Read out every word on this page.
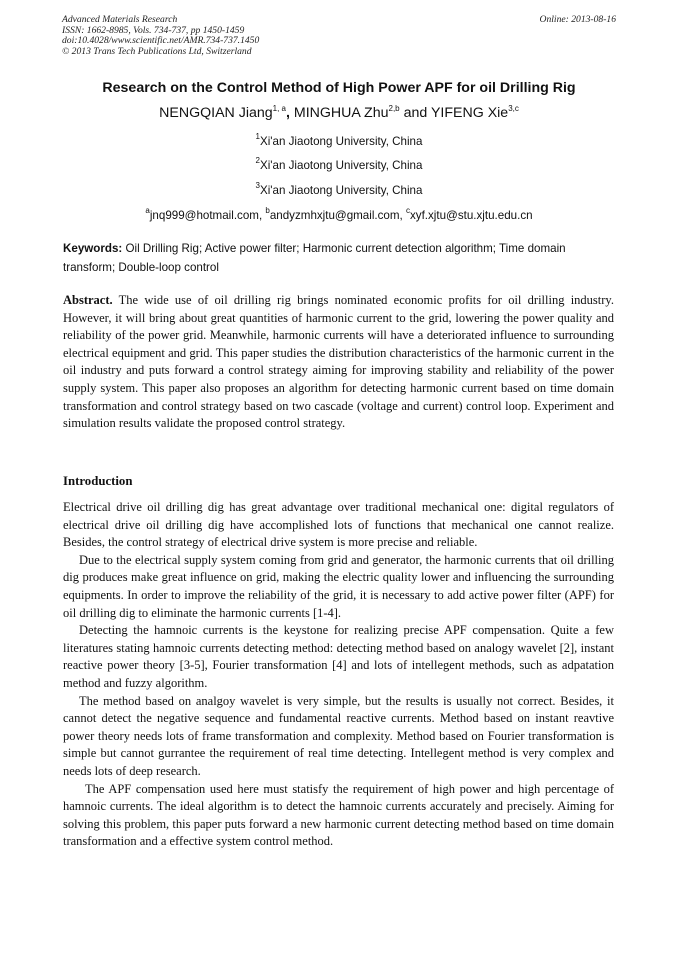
Advanced Materials Research
ISSN: 1662-8985, Vols. 734-737, pp 1450-1459
doi:10.4028/www.scientific.net/AMR.734-737.1450
© 2013 Trans Tech Publications Ltd, Switzerland
Online: 2013-08-16
Research on the Control Method of High Power APF for oil Drilling Rig
NENGQIAN Jiang$^{1, a}$, MINGHUA Zhu$^{2,b}$ and YIFENG Xie$^{3,c}$
$^1$Xi'an Jiaotong University, China
$^2$Xi'an Jiaotong University, China
$^3$Xi'an Jiaotong University, China
$^a$jnq999@hotmail.com, $^b$andyzmhxjtu@gmail.com, $^c$xyf.xjtu@stu.xjtu.edu.cn
Keywords: Oil Drilling Rig; Active power filter; Harmonic current detection algorithm; Time domain transform; Double-loop control

Abstract. The wide use of oil drilling rig brings nominated economic profits for oil drilling industry. However, it will bring about great quantities of harmonic current to the grid, lowering the power quality and reliability of the power grid. Meanwhile, harmonic currents will have a deteriorated influence to surrounding electrical equipment and grid. This paper studies the distribution characteristics of the harmonic current in the oil industry and puts forward a control strategy aiming for improving stability and reliability of the power supply system. This paper also proposes an algorithm for detecting harmonic current based on time domain transformation and control strategy based on two cascade (voltage and current) control loop. Experiment and simulation results validate the proposed control strategy.

Introduction

Electrical drive oil drilling dig has great advantage over traditional mechanical one: digital regulators of electrical drive oil drilling dig have accomplished lots of functions that mechanical one cannot realize. Besides, the control strategy of electrical drive system is more precise and reliable.

Due to the electrical supply system coming from grid and generator, the harmonic currents that oil drilling dig produces make great influence on grid, making the electric quality lower and influencing the surrounding equipments. In order to improve the reliability of the grid, it is necessary to add active power filter (APF) for oil drilling dig to eliminate the harmonic currents [1-4].

Detecting the hamnoic currents is the keystone for realizing precise APF compensation. Quite a few literatures stating hamnoic currents detecting method: detecting method based on analogy wavelet [2], instant reactive power theory [3-5], Fourier transformation [4] and lots of intellegent methods, such as adpatation method and fuzzy algorithm.

The method based on analgoy wavelet is very simple, but the results is usually not correct. Besides, it cannot detect the negative sequence and fundamental reactive currents. Method based on instant reavtive power theory needs lots of frame transformation and complexity. Method based on Fourier transformation is simple but cannot gurrantee the requirement of real time detecting. Intellegent method is very complex and needs lots of deep research.

The APF compensation used here must statisfy the requirement of high power and high percentage of hamnoic currents. The ideal algorithm is to detect the hamnoic currents accurately and precisely. Aiming for solving this problem, this paper puts forward a new harmonic current detecting method based on time domain transformation and a effective system control method.
